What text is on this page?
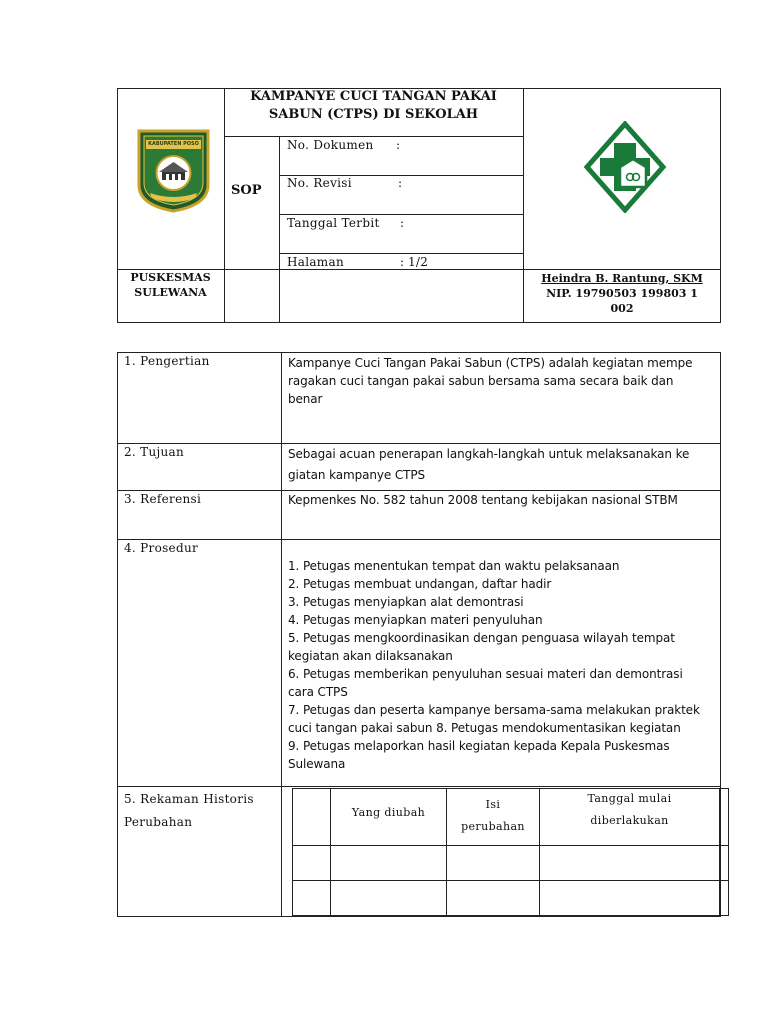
KABUPATEN POSO
KAMPANYE CUCI TANGAN PAKAI
SABUN (CTPS) DI SEKOLAH
SOP
No. Dokumen :
No. Revisi	:
Tanggal Terbit :
Halaman	: 1/2
PUSKESMAS
SULEWANA
Heindra B. Rantung, SKM
NIP. 19790503 199803 1
002
1. Pengertian
2. Tujuan
3. Referensi
4. Prosedur
5. Rekaman Historis
Perubahan
Kampanye Cuci Tangan Pakai Sabun (CTPS) adalah kegiatan mempe
ragakan cuci tangan pakai sabun bersama sama secara baik dan
benar
Sebagai acuan penerapan langkah-langkah untuk melaksanakan ke
giatan kampanye CTPS
Kepmenkes No. 582 tahun 2008 tentang kebijakan nasional STBM
1. Petugas menentukan tempat dan waktu pelaksanaan
2. Petugas membuat undangan, daftar hadir
3. Petugas menyiapkan alat demontrasi
4. Petugas menyiapkan materi penyuluhan
5. Petugas mengkoordinasikan dengan penguasa wilayah tempat
kegiatan akan dilaksanakan
6. Petugas memberikan penyuluhan sesuai materi dan demontrasi
cara CTPS
7. Petugas dan peserta kampanye bersama-sama melakukan praktek
cuci tangan pakai sabun 8. Petugas mendokumentasikan kegiatan
9. Petugas melaporkan hasil kegiatan kepada Kepala Puskesmas
Sulewana
Yang diubah
Isi
perubahan
Tanggal mulai
diberlakukan
